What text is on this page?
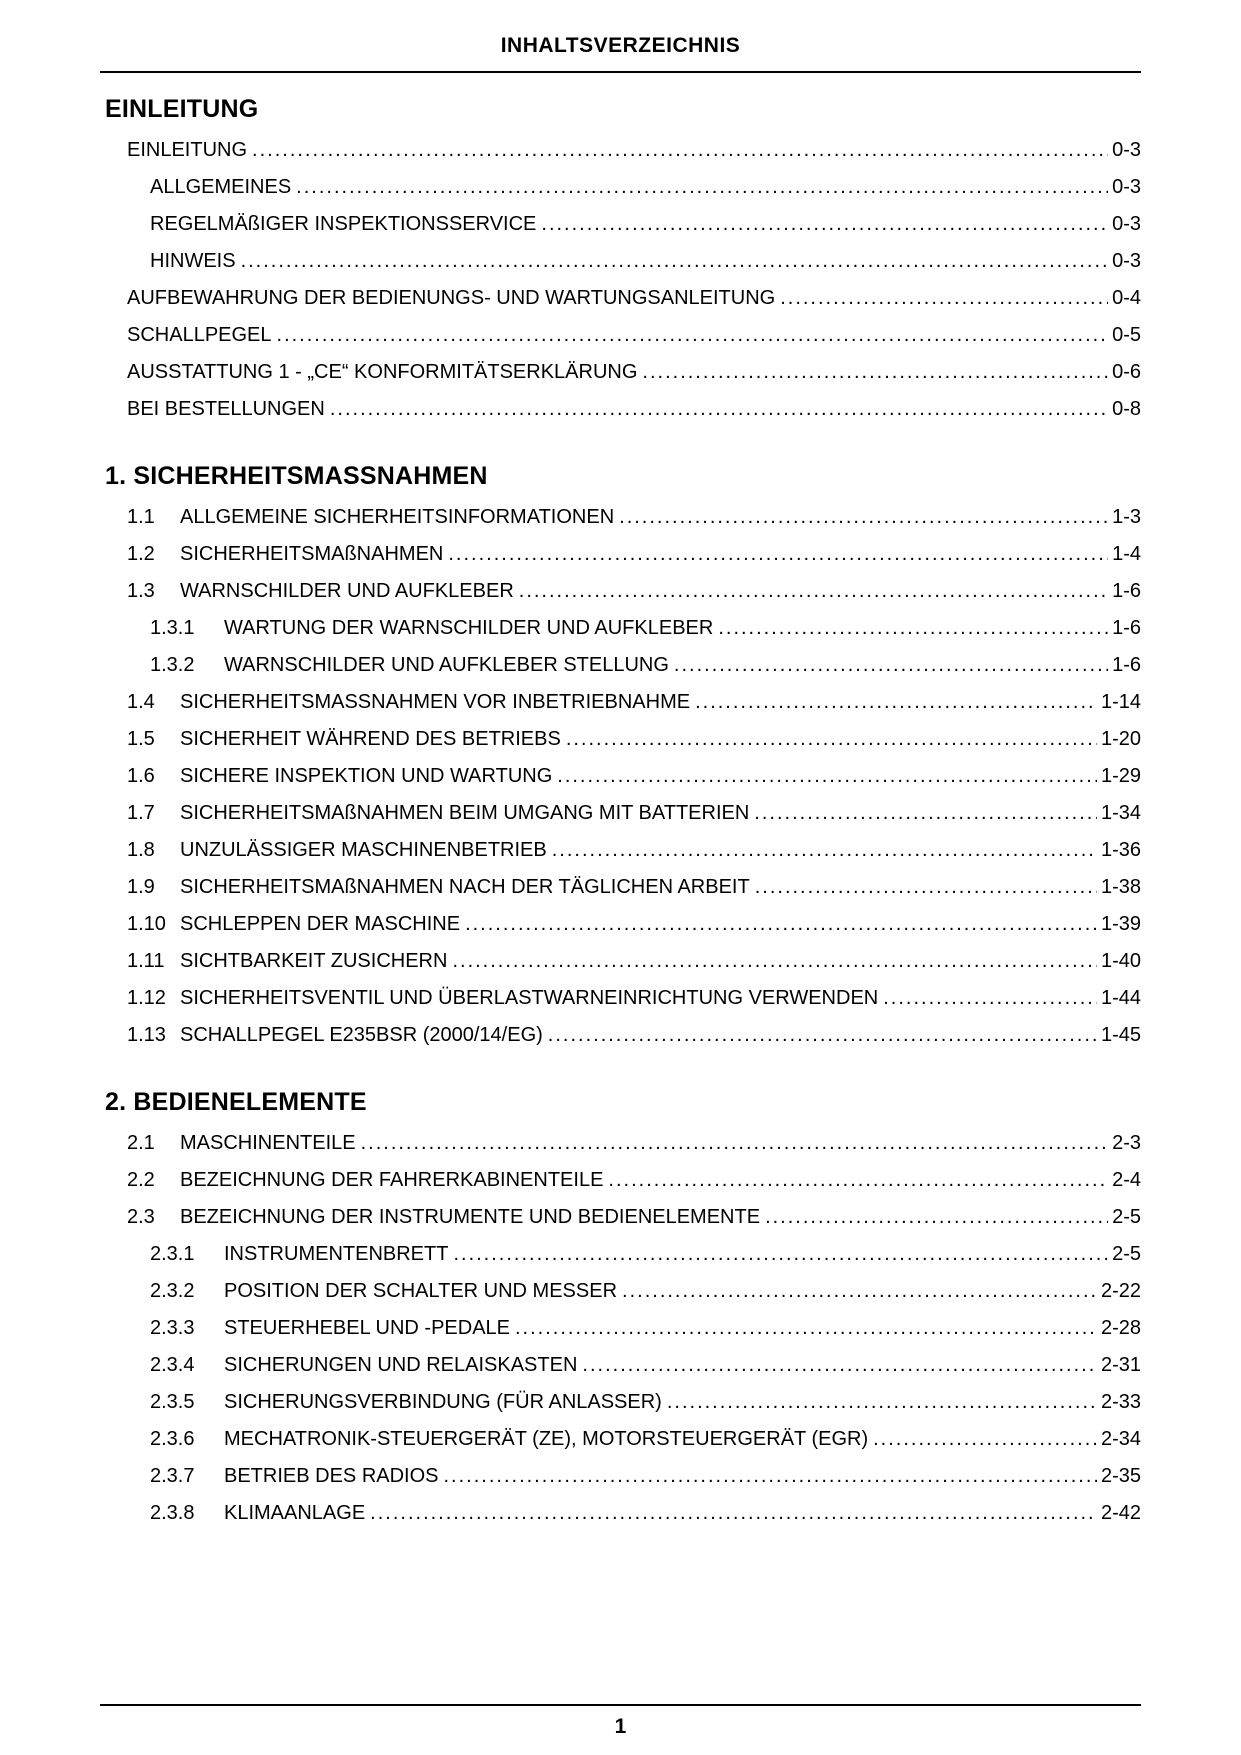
INHALTSVERZEICHNIS
EINLEITUNG
EINLEITUNG .....	0-3
ALLGEMEINES .....	0-3
REGELMÄßIGER INSPEKTIONSSERVICE .....	0-3
HINWEIS .....	0-3
AUFBEWAHRUNG DER BEDIENUNGS- UND WARTUNGSANLEITUNG .....	0-4
SCHALLPEGEL .....	0-5
AUSSTATTUNG 1 - „CE“ KONFORMITÄTSERKLÄRUNG .....	0-6
BEI BESTELLUNGEN .....	0-8
1. SICHERHEITSMASSNAHMEN
1.1	ALLGEMEINE SICHERHEITSINFORMATIONEN .....	1-3
1.2	SICHERHEITSMAßNAHMEN .....	1-4
1.3	WARNSCHILDER UND AUFKLEBER .....	1-6
1.3.1	WARTUNG DER WARNSCHILDER UND AUFKLEBER .....	1-6
1.3.2	WARNSCHILDER UND AUFKLEBER STELLUNG .....	1-6
1.4	SICHERHEITSMASSNAHMEN VOR INBETRIEBNAHME .....	1-14
1.5	SICHERHEIT WÄHREND DES BETRIEBS .....	1-20
1.6	SICHERE INSPEKTION UND WARTUNG .....	1-29
1.7	SICHERHEITSMAßNAHMEN BEIM UMGANG MIT BATTERIEN .....	1-34
1.8	UNZULÄSSIGER MASCHINENBETRIEB .....	1-36
1.9	SICHERHEITSMAßNAHMEN NACH DER TÄGLICHEN ARBEIT .....	1-38
1.10 SCHLEPPEN DER MASCHINE .....	1-39
1.11 SICHTBARKEIT ZUSICHERN .....	1-40
1.12 SICHERHEITSVENTIL UND ÜBERLASTWARNEINRICHTUNG VERWENDEN .....	1-44
1.13 SCHALLPEGEL E235BSR (2000/14/EG) .....	1-45
2. BEDIENELEMENTE
2.1	MASCHINENTEILE .....	2-3
2.2	BEZEICHNUNG DER FAHRERKABINENTEILE .....	2-4
2.3	BEZEICHNUNG DER INSTRUMENTE UND BEDIENELEMENTE .....	2-5
2.3.1	INSTRUMENTENBRETT .....	2-5
2.3.2	POSITION DER SCHALTER UND MESSER .....	2-22
2.3.3	STEUERHEBEL UND -PEDALE .....	2-28
2.3.4	SICHERUNGEN UND RELAISKASTEN .....	2-31
2.3.5	SICHERUNGSVERBINDUNG (FÜR ANLASSER) .....	2-33
2.3.6	MECHATRONIK-STEUERGERÄT (ZE), MOTORSTEUERGERÄT (EGR) .....	2-34
2.3.7	BETRIEB DES RADIOS .....	2-35
2.3.8	KLIMAANLAGE .....	2-42
1
